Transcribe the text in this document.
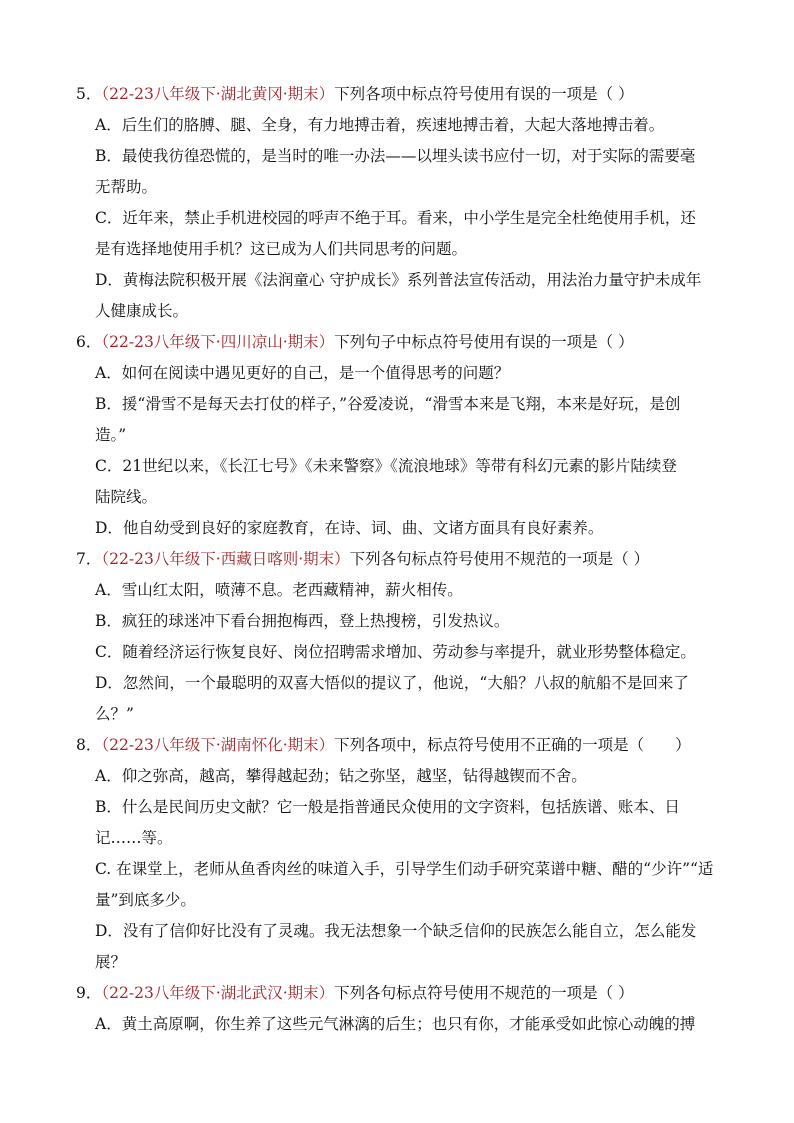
5．（22-23八年级下·湖北黄冈·期末）下列各项中标点符号使用有误的一项是（ ）
A．后生们的胳膊、腿、全身，有力地搏击着，疾速地搏击着，大起大落地搏击着。
B．最使我彷徨恐慌的，是当时的唯一办法——以埋头读书应付一切，对于实际的需要毫
无帮助。
C．近年来，禁止手机进校园的呼声不绝于耳。看来，中小学生是完全杜绝使用手机，还
是有选择地使用手机？这已成为人们共同思考的问题。
D．黄梅法院积极开展《法润童心 守护成长》系列普法宣传活动，用法治力量守护未成年
人健康成长。
6．（22-23八年级下·四川凉山·期末）下列句子中标点符号使用有误的一项是（ ）
A．如何在阅读中遇见更好的自己，是一个值得思考的问题？
B．援“滑雪不是每天去打仗的样子，”谷爱凌说，“滑雪本来是飞翔，本来是好玩，是创
造。”
C．21世纪以来，《长江七号》《未来警察》《流浪地球》等带有科幻元素的影片陆续登
陆院线。
D．他自幼受到良好的家庭教育，在诗、词、曲、文诸方面具有良好素养。
7．（22-23八年级下·西藏日喀则·期末）下列各句标点符号使用不规范的一项是（ ）
A．雪山红太阳，喷薄不息。老西藏精神，薪火相传。
B．疯狂的球迷冲下看台拥抱梅西，登上热搜榜，引发热议。
C．随着经济运行恢复良好、岗位招聘需求增加、劳动参与率提升，就业形势整体稳定。
D．忽然间，一个最聪明的双喜大悟似的提议了，他说，“大船？八叔的航船不是回来了
么？”
8．（22-23八年级下·湖南怀化·期末）下列各项中，标点符号使用不正确的一项是（　　）
A．仰之弥高，越高，攀得越起劲；钻之弥坚，越坚，钻得越锲而不舍。
B．什么是民间历史文献？它一般是指普通民众使用的文字资料，包括族谱、账本、日
记……等。
C. 在课堂上，老师从鱼香肉丝的味道入手，引导学生们动手研究菜谱中糖、醋的“少许”“适
量”到底多少。
D．没有了信仰好比没有了灵魂。我无法想象一个缺乏信仰的民族怎么能自立，怎么能发
展？
9．（22-23八年级下·湖北武汉·期末）下列各句标点符号使用不规范的一项是（ ）
A．黄土高原啊，你生养了这些元气淋漓的后生；也只有你，才能承受如此惊心动魄的搏
